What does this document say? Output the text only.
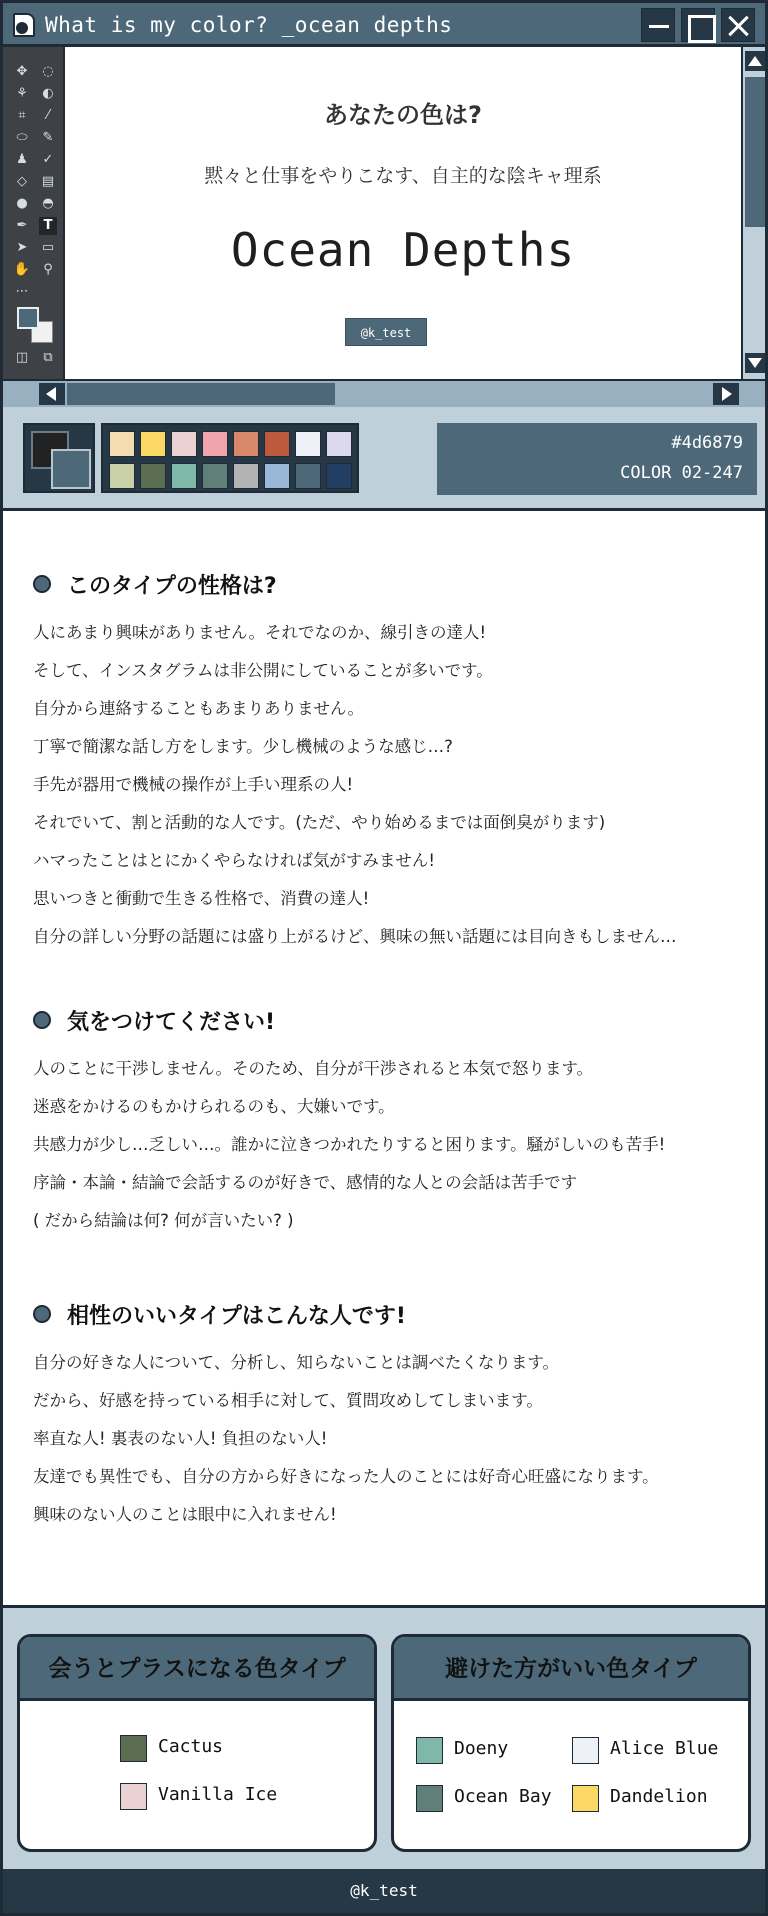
What is my color? _ocean depths
✥ ◌
⚘ ◐
⌗	⁄
⬭ ✎
♟ ✓
◇	▤
● ◓
✒	T
➤ ▭
✋	⚲
⋯
◫	⧉
あなたの色は?
黙々と仕事をやりこなす、自主的な陰キャ理系
Ocean Depths
@k_test
#4d6879
COLOR 02-247
このタイプの性格は?
人にあまり興味がありません。それでなのか、線引きの達人!
そして、インスタグラムは非公開にしていることが多いです。
自分から連絡することもあまりありません。
丁寧で簡潔な話し方をします。少し機械のような感じ…?
手先が器用で機械の操作が上手い理系の人!
それでいて、割と活動的な人です。(ただ、やり始めるまでは面倒臭がります)
ハマったことはとにかくやらなければ気がすみません!
思いつきと衝動で生きる性格で、消費の達人!
自分の詳しい分野の話題には盛り上がるけど、興味の無い話題には目向きもしません…
気をつけてください!
人のことに干渉しません。そのため、自分が干渉されると本気で怒ります。
迷惑をかけるのもかけられるのも、大嫌いです。
共感力が少し…乏しい…。誰かに泣きつかれたりすると困ります。騒がしいのも苦手!
序論・本論・結論で会話するのが好きで、感情的な人との会話は苦手です
( だから結論は何? 何が言いたい? )
相性のいいタイプはこんな人です!
自分の好きな人について、分析し、知らないことは調べたくなります。
だから、好感を持っている相手に対して、質問攻めしてしまいます。
率直な人! 裏表のない人! 負担のない人!
友達でも異性でも、自分の方から好きになった人のことには好奇心旺盛になります。
興味のない人のことは眼中に入れません!
会うとプラスになる色タイプ
Cactus
Vanilla Ice
避けた方がいい色タイプ
Doeny	Alice Blue
Ocean Bay	Dandelion
@k_test
